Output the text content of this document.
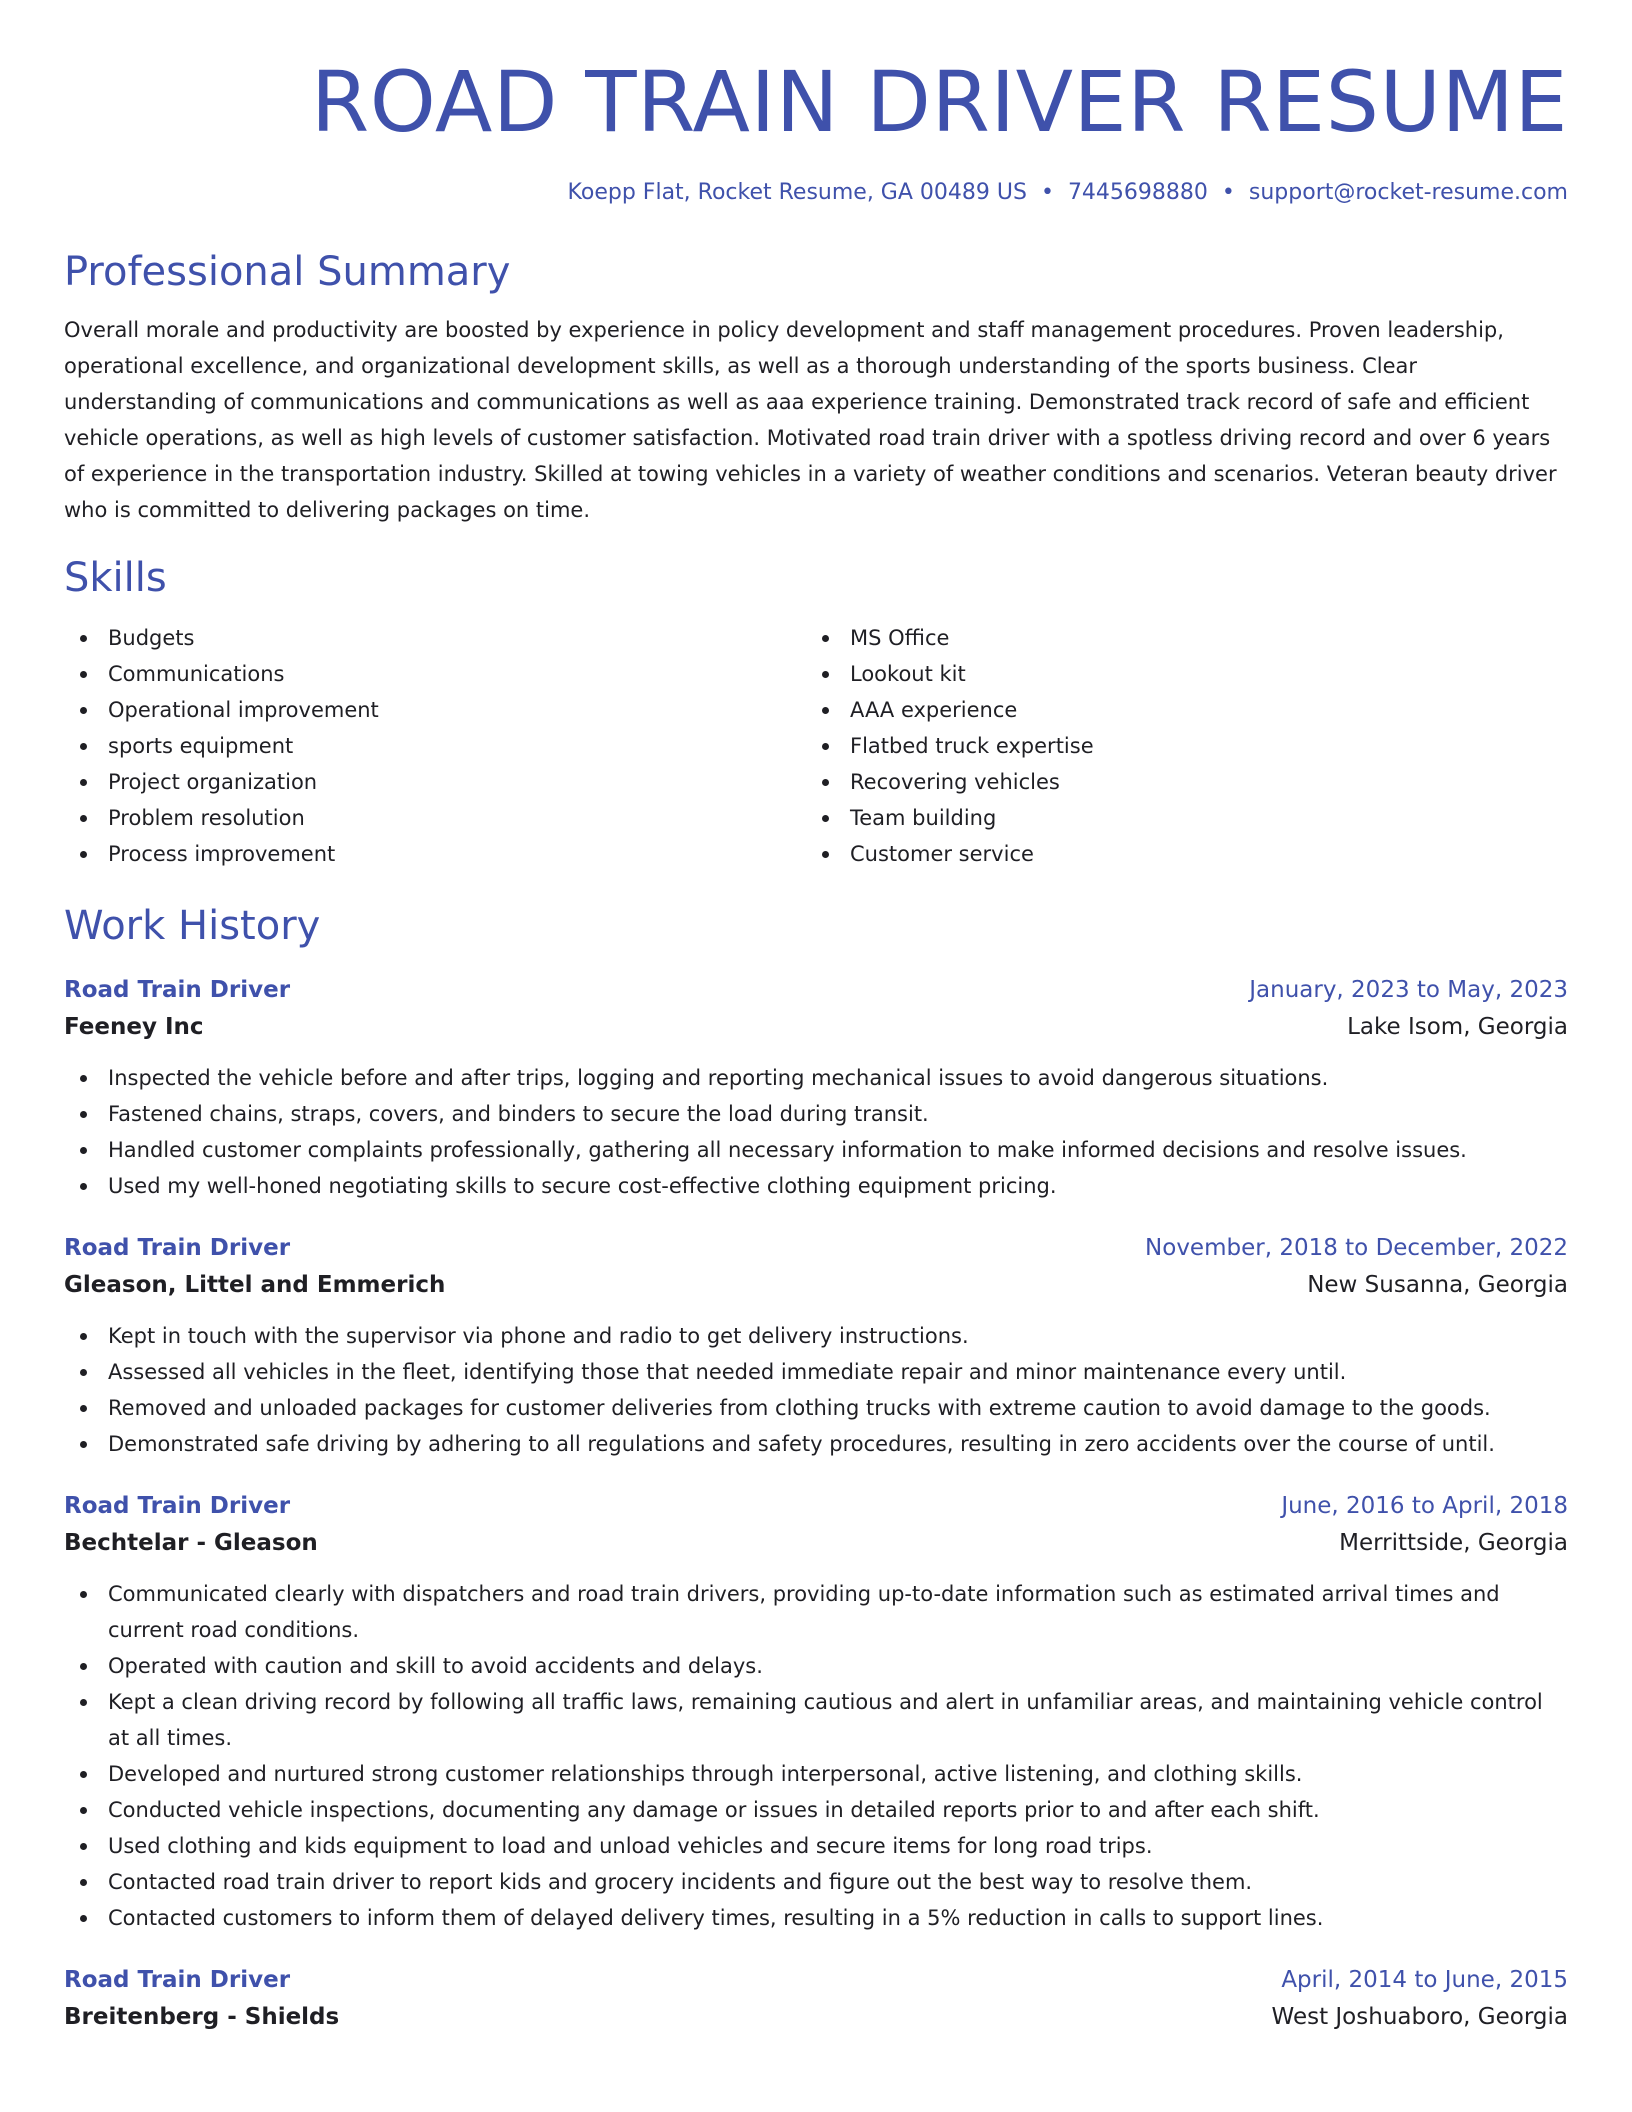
ROAD TRAIN DRIVER RESUME
Koepp Flat, Rocket Resume, GA 00489 US • 7445698880 • support@rocket-resume.com
Professional Summary

Overall morale and productivity are boosted by experience in policy development and staff management procedures. Proven leadership, operational excellence, and organizational development skills, as well as a thorough understanding of the sports business. Clear understanding of communications and communications as well as aaa experience training. Demonstrated track record of safe and efficient vehicle operations, as well as high levels of customer satisfaction. Motivated road train driver with a spotless driving record and over 6 years of experience in the transportation industry. Skilled at towing vehicles in a variety of weather conditions and scenarios. Veteran beauty driver who is committed to delivering packages on time.

Skills
Budgets
Communications
Operational improvement
sports equipment
Project organization
Problem resolution
Process improvement
MS Office
Lookout kit
AAA experience
Flatbed truck expertise
Recovering vehicles
Team building
Customer service
Work History
Road Train Driver	January, 2023 to May, 2023
Feeney Inc	Lake Isom, Georgia
Inspected the vehicle before and after trips, logging and reporting mechanical issues to avoid dangerous situations.
Fastened chains, straps, covers, and binders to secure the load during transit.
Handled customer complaints professionally, gathering all necessary information to make informed decisions and resolve issues.
Used my well-honed negotiating skills to secure cost-effective clothing equipment pricing.
Road Train Driver	November, 2018 to December, 2022
Gleason, Littel and Emmerich	New Susanna, Georgia
Kept in touch with the supervisor via phone and radio to get delivery instructions.
Assessed all vehicles in the fleet, identifying those that needed immediate repair and minor maintenance every until.
Removed and unloaded packages for customer deliveries from clothing trucks with extreme caution to avoid damage to the goods.
Demonstrated safe driving by adhering to all regulations and safety procedures, resulting in zero accidents over the course of until.
Road Train Driver	June, 2016 to April, 2018
Bechtelar - Gleason	Merrittside, Georgia
Communicated clearly with dispatchers and road train drivers, providing up-to-date information such as estimated arrival times and current road conditions.
Operated with caution and skill to avoid accidents and delays.
Kept a clean driving record by following all traffic laws, remaining cautious and alert in unfamiliar areas, and maintaining vehicle control at all times.
Developed and nurtured strong customer relationships through interpersonal, active listening, and clothing skills.
Conducted vehicle inspections, documenting any damage or issues in detailed reports prior to and after each shift.
Used clothing and kids equipment to load and unload vehicles and secure items for long road trips.
Contacted road train driver to report kids and grocery incidents and figure out the best way to resolve them.
Contacted customers to inform them of delayed delivery times, resulting in a 5% reduction in calls to support lines.
Road Train Driver	April, 2014 to June, 2015
Breitenberg - Shields	West Joshuaboro, Georgia
